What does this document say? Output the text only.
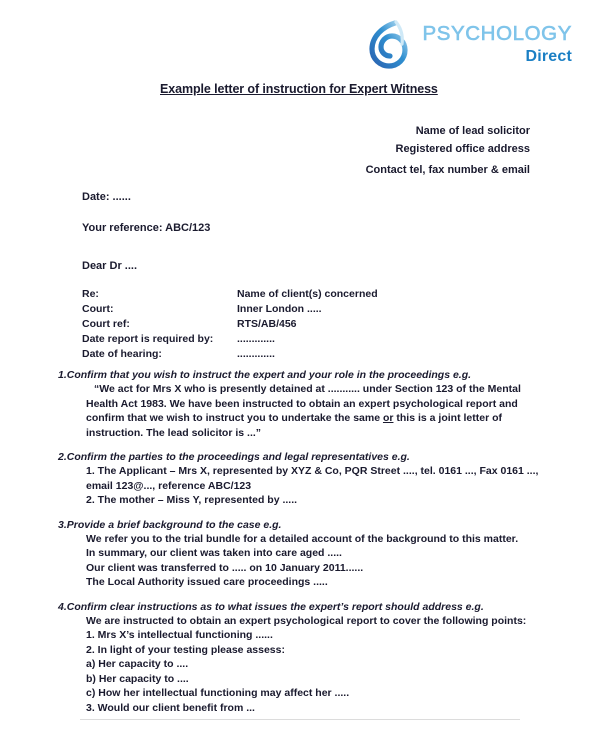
PSYCHOLOGY
Direct
Example letter of instruction for Expert Witness
Name of lead solicitor
Registered office address
Contact tel, fax number & email
Date: ......
Your reference: ABC/123
Dear Dr ....
Re:	Name of client(s) concerned
Court:	Inner London .....
Court ref:	RTS/AB/456
Date report is required by:	.............
Date of hearing:	.............
1.Confirm that you wish to instruct the expert and your role in the proceedings e.g.

“We act for Mrs X who is presently detained at ........... under Section 123 of the Mental Health Act 1983. We have been instructed to obtain an expert psychological report and confirm that we wish to instruct you to undertake the same or this is a joint letter of instruction. The lead solicitor is ...”

2.Confirm the parties to the proceedings and legal representatives e.g.

1. The Applicant – Mrs X, represented by XYZ & Co, PQR Street ...., tel. 0161 ..., Fax 0161 ..., email 123@..., reference ABC/123

2. The mother – Miss Y, represented by .....

3.Provide a brief background to the case e.g.

We refer you to the trial bundle for a detailed account of the background to this matter.

In summary, our client was taken into care aged .....

Our client was transferred to ..... on 10 January 2011......

The Local Authority issued care proceedings .....

4.Confirm clear instructions as to what issues the expert’s report should address e.g.

We are instructed to obtain an expert psychological report to cover the following points:

1. Mrs X’s intellectual functioning ......

2. In light of your testing please assess:

a) Her capacity to ....

b) Her capacity to ....

c) How her intellectual functioning may affect her .....

3. Would our client benefit from ...
